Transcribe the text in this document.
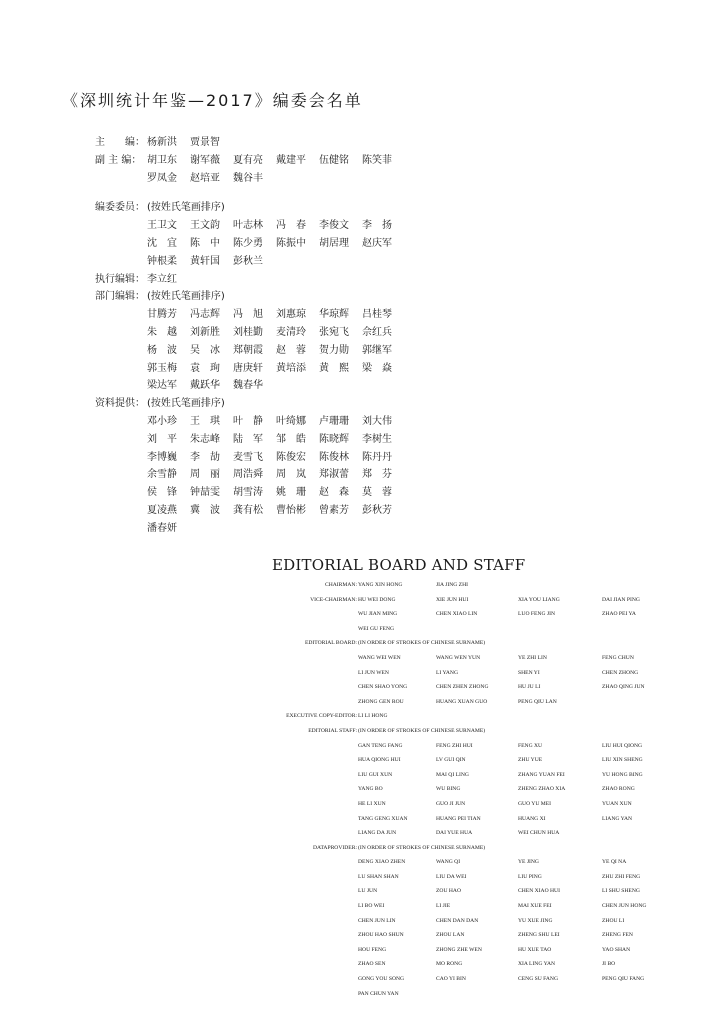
《深圳统计年鉴—2017》编委会名单
主　　编： 杨新洪	贾景智
副 主 编： 胡卫东	谢军薇	夏有亮	戴建平	伍健铭	陈笑菲
罗凤金	赵培亚	魏谷丰
编委委员： (按姓氏笔画排序)
王卫文	王文韵	叶志林	冯　春	李俊文	李　扬
沈　宜	陈　中	陈少勇	陈振中	胡居理	赵庆军
钟根柔	黄轩国	彭秋兰
执行编辑： 李立红
部门编辑： (按姓氏笔画排序)
甘腾芳	冯志辉	冯　旭	刘惠琼	华琼辉	吕桂琴
朱　越	刘新胜	刘桂勤	麦清玲	张宛飞	佘红兵
杨　波	吴　冰	郑朝霞	赵　蓉	贺力勋	郭继军
郭玉梅	袁　珣	唐庚轩	黄培添	黄　熙	梁　焱
梁达军	戴跃华	魏春华
资料提供： (按姓氏笔画排序)
邓小珍	王　琪	叶　静	叶绮娜	卢珊珊	刘大伟
刘　平	朱志峰	陆　军	邹　皓	陈晓辉	李树生
李博巍	李　劼	麦雪飞	陈俊宏	陈俊林	陈丹丹
余雪静	周　丽	周浩舜	周　岚	郑淑蕾	郑　芬
侯　锋	钟喆雯	胡雪涛	姚　珊	赵　森	莫　蓉
夏凌燕	冀　波	龚有松	曹怡彬	曾素芳	彭秋芳
潘春妍
EDITORIAL BOARD AND STAFF
CHAIRMAN: YANG XIN HONG	JIA JING ZHI
VICE-CHAIRMAN: HU WEI DONG	XIE JUN HUI	XIA YOU LIANG	DAI JIAN PING
WU JIAN MING	CHEN XIAO LIN	LUO FENG JIN	ZHAO PEI YA
WEI GU FENG
EDITORIAL BOARD: (IN ORDER OF STROKES OF CHINESE SURNAME)
WANG WEI WEN	WANG WEN YUN	YE ZHI LIN	FENG CHUN
LI JUN WEN	LI YANG	SHEN YI	CHEN ZHONG
CHEN SHAO YONG	CHEN ZHEN ZHONG	HU JU LI	ZHAO QING JUN
ZHONG GEN ROU	HUANG XUAN GUO	PENG QIU LAN
EXECUTIVE COPY-EDITOR: LI LI HONG
EDITORIAL STAFF: (IN ORDER OF STROKES OF CHINESE SURNAME)
GAN TENG FANG	FENG ZHI HUI	FENG XU	LIU HUI QIONG
HUA QIONG HUI	LV GUI QIN	ZHU YUE	LIU XIN SHENG
LIU GUI XUN	MAI QI LING	ZHANG YUAN FEI	YU HONG BING
YANG BO	WU BING	ZHENG ZHAO XIA	ZHAO RONG
HE LI XUN	GUO JI JUN	GUO YU MEI	YUAN XUN
TANG GENG XUAN	HUANG PEI TIAN	HUANG XI	LIANG YAN
LIANG DA JUN	DAI YUE HUA	WEI CHUN HUA
DATAPROVIDER: (IN ORDER OF STROKES OF CHINESE SURNAME)
DENG XIAO ZHEN	WANG QI	YE JING	YE QI NA
LU SHAN SHAN	LIU DA WEI	LIU PING	ZHU ZHI FENG
LU JUN	ZOU HAO	CHEN XIAO HUI	LI SHU SHENG
LI BO WEI	LI JIE	MAI XUE FEI	CHEN JUN HONG
CHEN JUN LIN	CHEN DAN DAN	YU XUE JING	ZHOU LI
ZHOU HAO SHUN	ZHOU LAN	ZHENG SHU LEI	ZHENG FEN
HOU FENG	ZHONG ZHE WEN	HU XUE TAO	YAO SHAN
ZHAO SEN	MO RONG	XIA LING YAN	JI BO
GONG YOU SONG	CAO YI BIN	CENG SU FANG	PENG QIU FANG
PAN CHUN YAN
